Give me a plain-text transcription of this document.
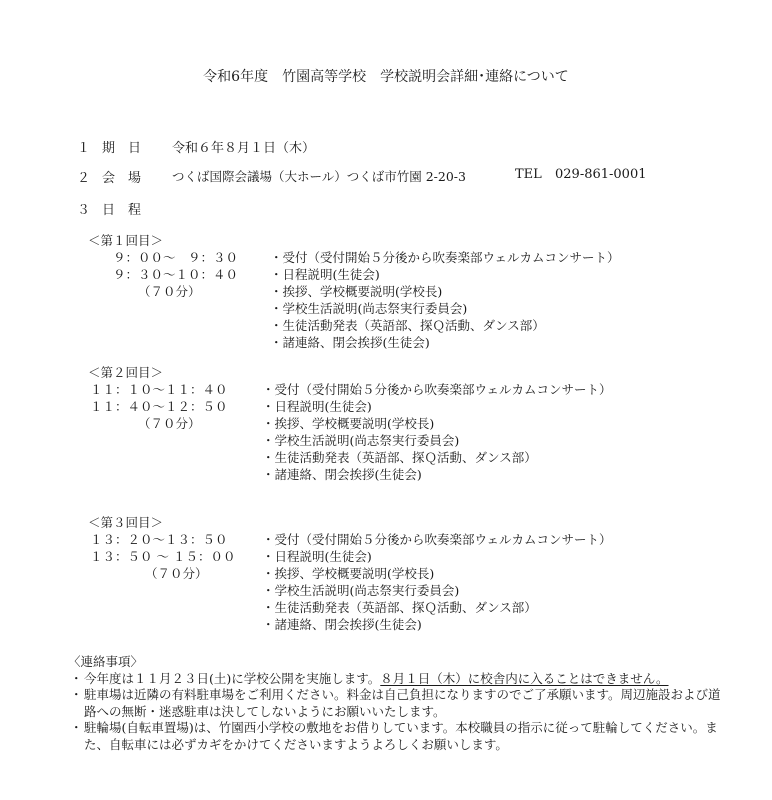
令和6年度　竹園高等学校　学校説明会詳細･連絡について
１ 期　日 令和６年８月１日（木）
２ 会　場 つくば国際会議場（大ホール）つくば市竹園 2-20-3	TEL 029-861-0001
３ 日　程
＜第１回目＞
９：００～　９：３０
９：３０～１０：４０
（７０分）
・ 受付（受付開始５分後から吹奏楽部ウェルカムコンサート）
・ 日程説明(生徒会)
・ 挨拶、学校概要説明(学校長)
・ 学校生活説明(尚志祭実行委員会)
・ 生徒活動発表（英語部、探Ｑ活動、ダンス部）
・ 諸連絡、閉会挨拶(生徒会)
＜第２回目＞
１１：１０～１１：４０
１１：４０～１２：５０
（７０分）
・ 受付（受付開始５分後から吹奏楽部ウェルカムコンサート）
・ 日程説明(生徒会)
・ 挨拶、学校概要説明(学校長)
・ 学校生活説明(尚志祭実行委員会)
・ 生徒活動発表（英語部、探Ｑ活動、ダンス部）
・ 諸連絡、閉会挨拶(生徒会)
＜第３回目＞
１３：２０～１３：５０
１３：５０ ～ １５：００
（７０分）
・ 受付（受付開始５分後から吹奏楽部ウェルカムコンサート）
・ 日程説明(生徒会)
・ 挨拶、学校概要説明(学校長)
・ 学校生活説明(尚志祭実行委員会)
・ 生徒活動発表（英語部、探Ｑ活動、ダンス部）
・ 諸連絡、閉会挨拶(生徒会)
〈連絡事項〉
・ 今年度は１１月２３日(土)に学校公開を実施します。８月１日（木）に校舎内に入ることはできません。
・ 駐車場は近隣の有料駐車場をご利用ください。料金は自己負担になりますのでご了承願います。周辺施設および道路への無断・迷惑駐車は決してしないようにお願いいたします。
・ 駐輪場(自転車置場)は、竹園西小学校の敷地をお借りしています。本校職員の指示に従って駐輪してください。また、自転車には必ずカギをかけてくださいますようよろしくお願いします。
